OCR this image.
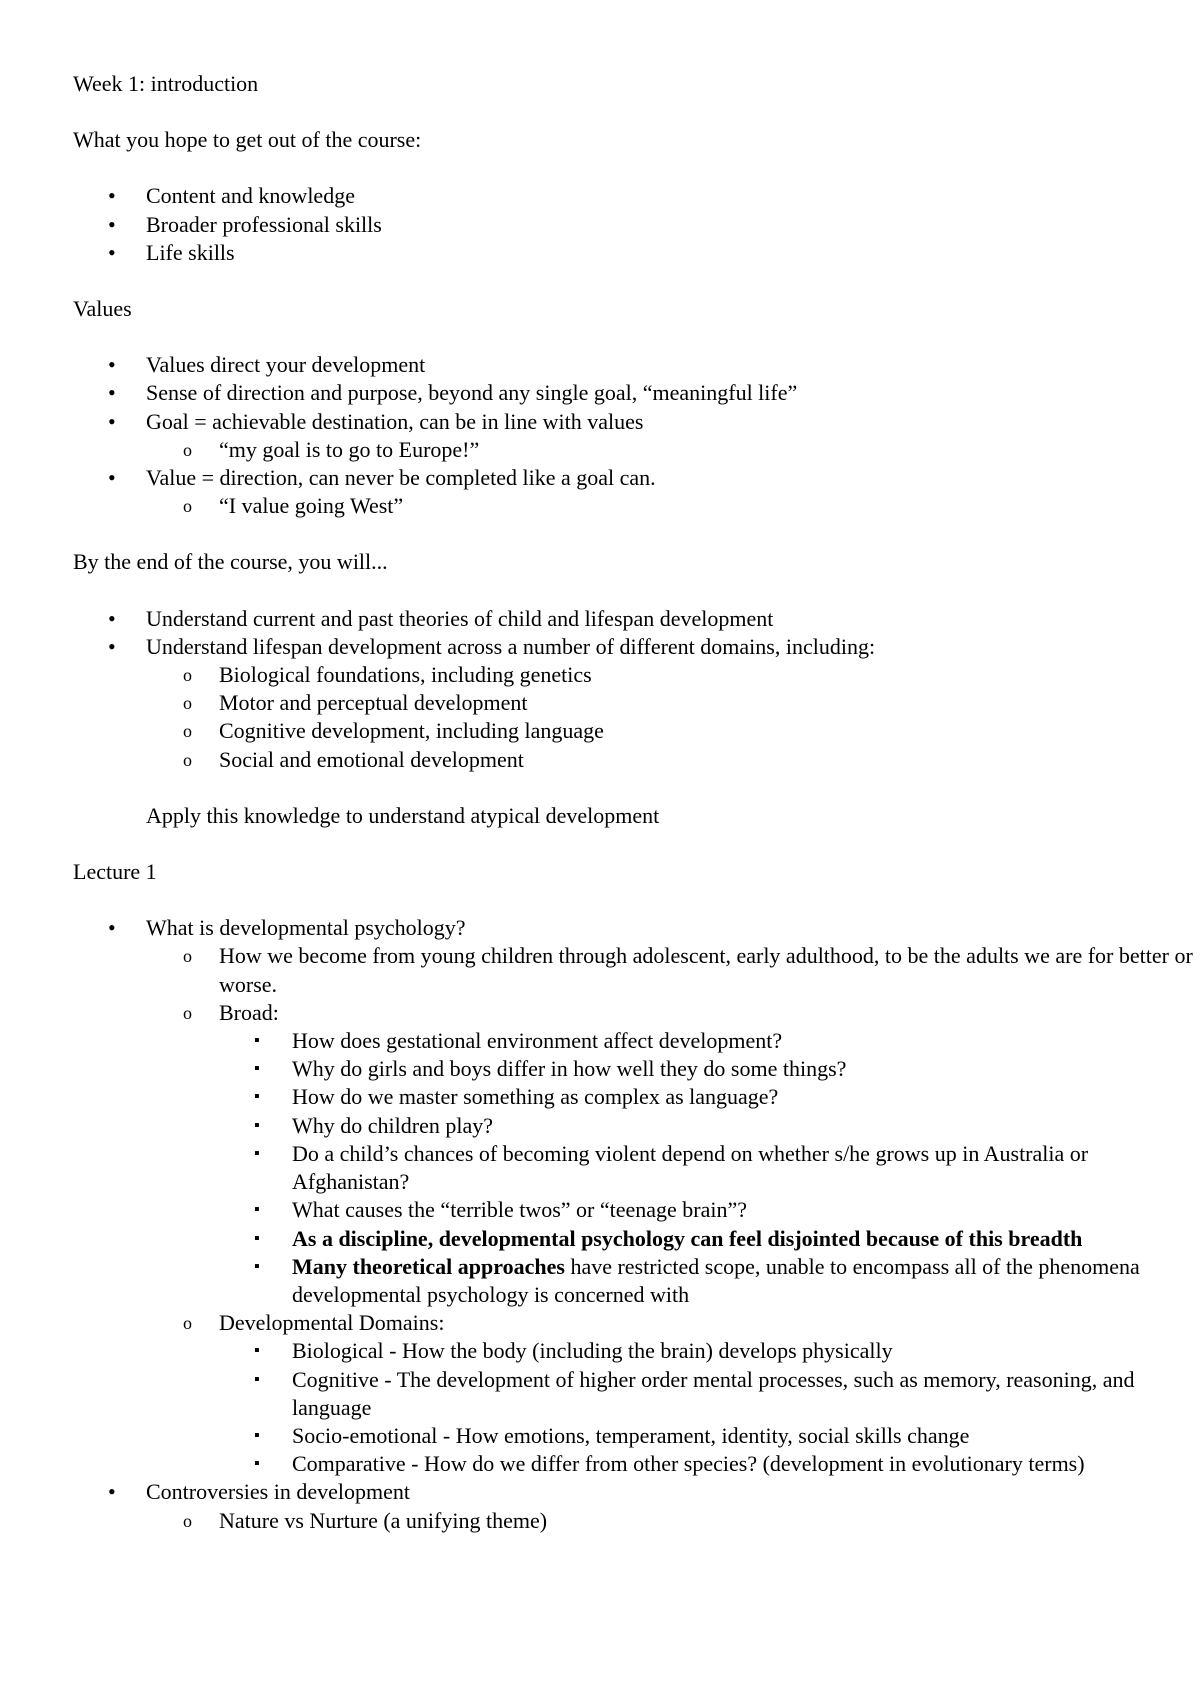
Week 1: introduction

What you hope to get out of the course:

• Content and knowledge
• Broader professional skills
• Life skills

Values

• Values direct your development
• Sense of direction and purpose, beyond any single goal, “meaningful life”
• Goal = achievable destination, can be in line with values
o “my goal is to go to Europe!”
• Value = direction, can never be completed like a goal can.
o “I value going West”

By the end of the course, you will...

• Understand current and past theories of child and lifespan development
• Understand lifespan development across a number of different domains, including:
o Biological foundations, including genetics
o Motor and perceptual development
o Cognitive development, including language
o Social and emotional development

Apply this knowledge to understand atypical development

Lecture 1

• What is developmental psychology?
o How we become from young children through adolescent, early adulthood, to be the adults we are for better or worse.
o Broad:
▪ How does gestational environment affect development?
▪ Why do girls and boys differ in how well they do some things?
▪ How do we master something as complex as language?
▪ Why do children play?
▪ Do a child’s chances of becoming violent depend on whether s/he grows up in Australia or Afghanistan?
▪ What causes the “terrible twos” or “teenage brain”?
▪ As a discipline, developmental psychology can feel disjointed because of this breadth
▪ Many theoretical approaches have restricted scope, unable to encompass all of the phenomena developmental psychology is concerned with
o Developmental Domains:
▪ Biological - How the body (including the brain) develops physically
▪ Cognitive - The development of higher order mental processes, such as memory, reasoning, and language
▪ Socio-emotional - How emotions, temperament, identity, social skills change
▪ Comparative - How do we differ from other species? (development in evolutionary terms)
• Controversies in development
o Nature vs Nurture (a unifying theme)
